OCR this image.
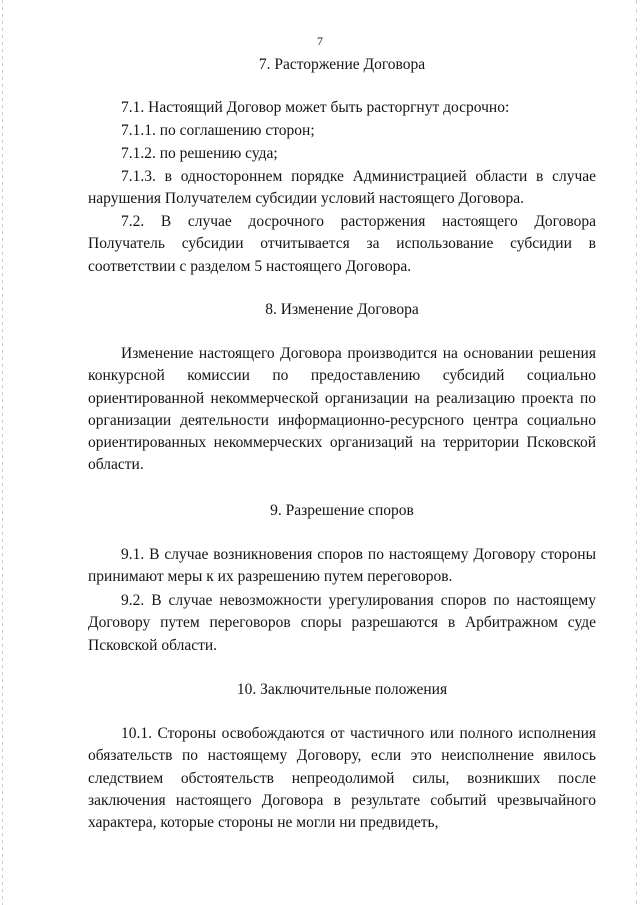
7
7. Расторжение Договора
7.1. Настоящий Договор может быть расторгнут досрочно:
7.1.1. по соглашению сторон;
7.1.2. по решению суда;
7.1.3. в одностороннем порядке Администрацией области в случае нарушения Получателем субсидии условий настоящего Договора.
7.2. В случае досрочного расторжения настоящего Договора Получатель субсидии отчитывается за использование субсидии в соответствии с разделом 5 настоящего Договора.
8. Изменение Договора
Изменение настоящего Договора производится на основании решения конкурсной комиссии по предоставлению субсидий социально ориентированной некоммерческой организации на реализацию проекта по организации деятельности информационно-ресурсного центра социально ориентированных некоммерческих организаций на территории Псковской области.
9. Разрешение споров
9.1. В случае возникновения споров по настоящему Договору стороны принимают меры к их разрешению путем переговоров.
9.2. В случае невозможности урегулирования споров по настоящему Договору путем переговоров споры разрешаются в Арбитражном суде Псковской области.
10. Заключительные положения
10.1. Стороны освобождаются от частичного или полного исполнения обязательств по настоящему Договору, если это неисполнение явилось следствием обстоятельств непреодолимой силы, возникших после заключения настоящего Договора в результате событий чрезвычайного характера, которые стороны не могли ни предвидеть,
